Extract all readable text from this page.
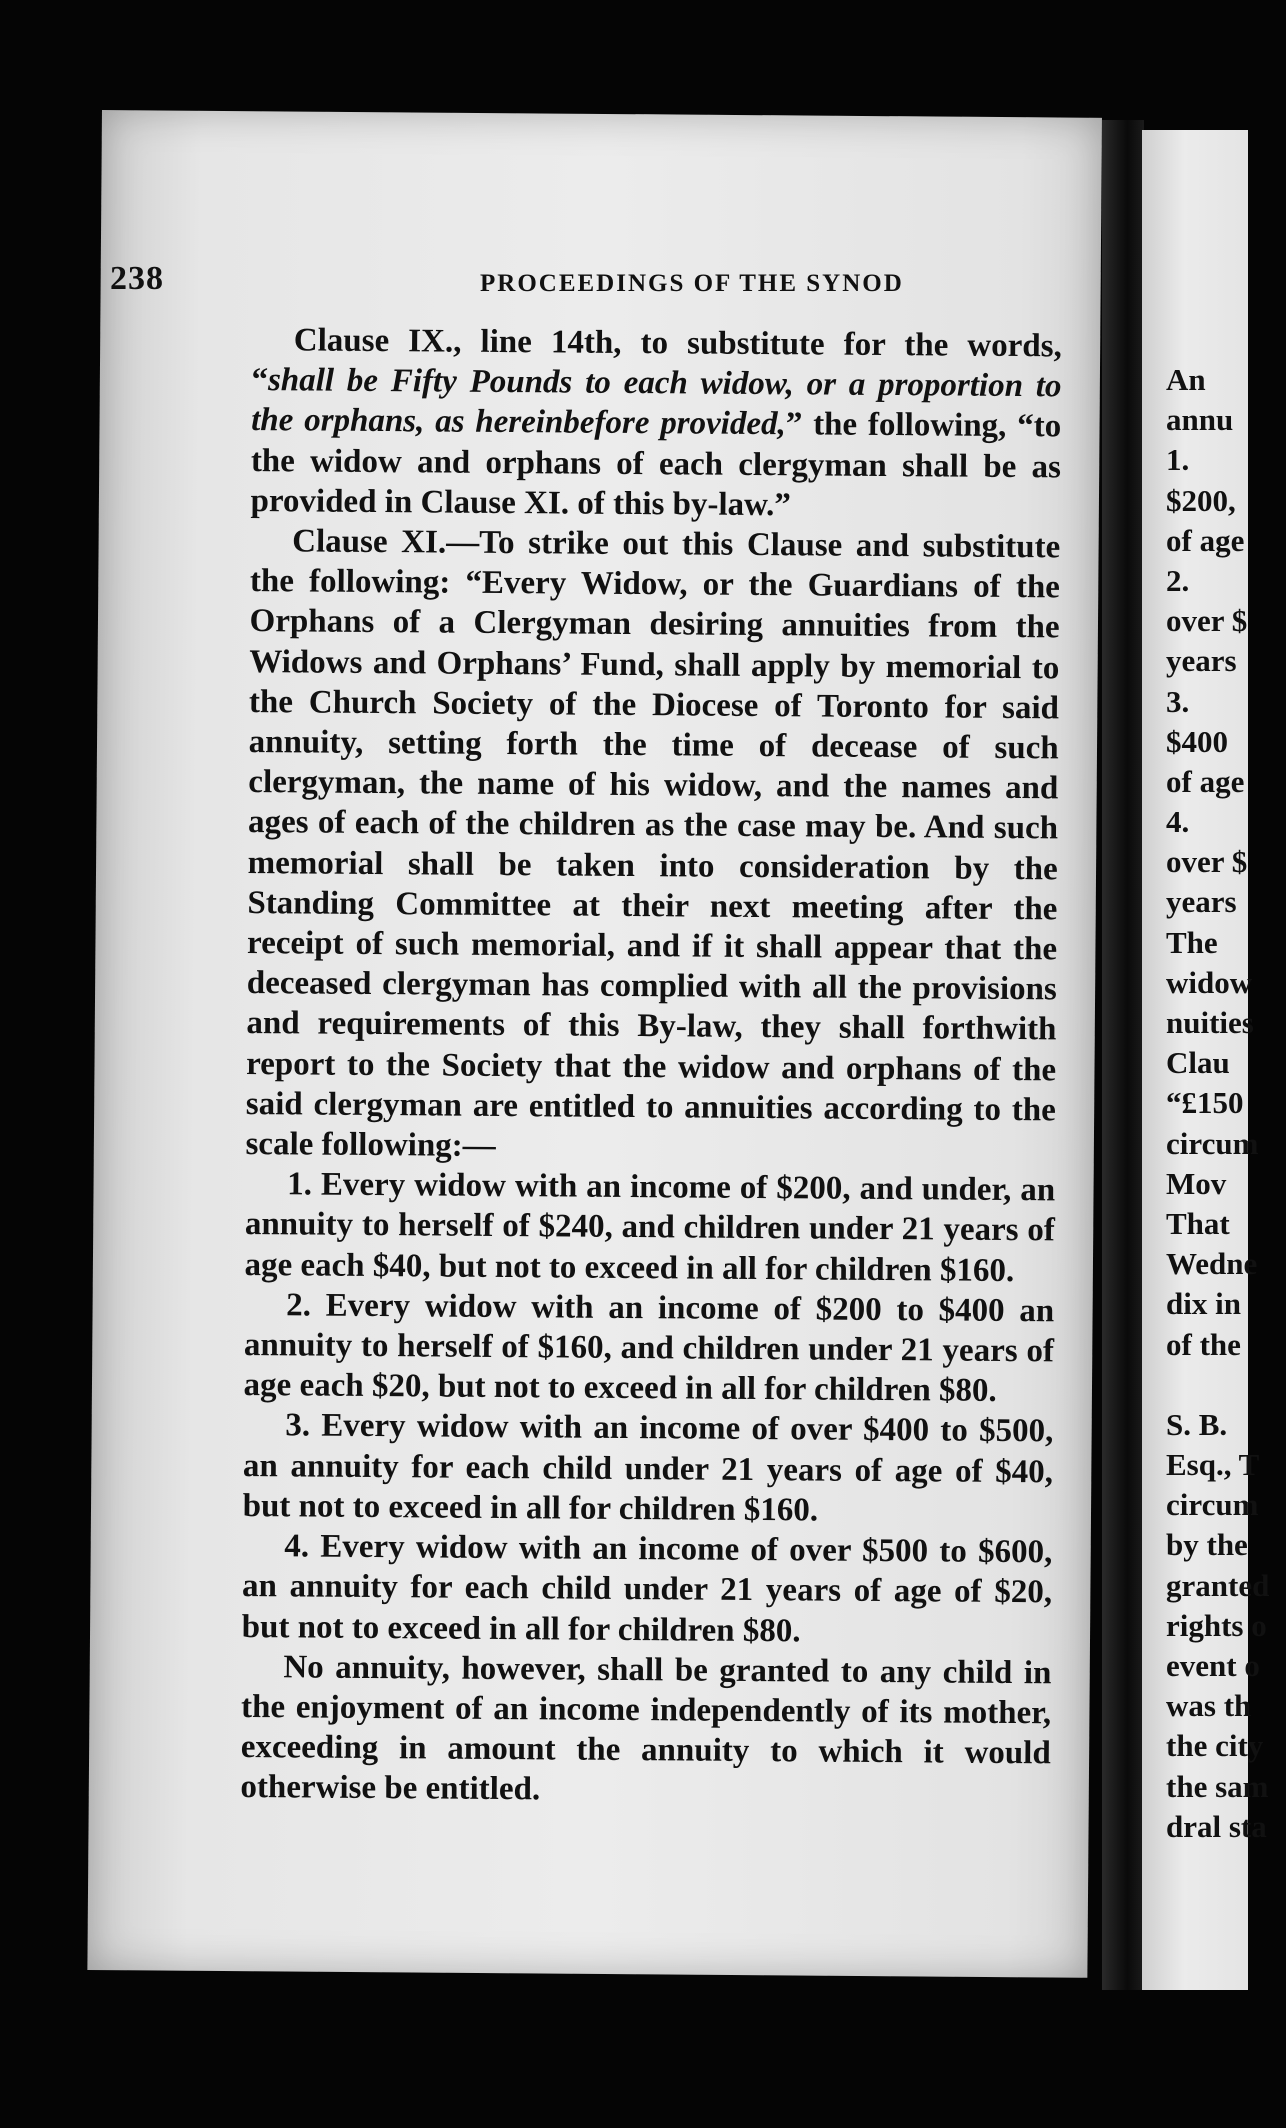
238	PROCEEDINGS OF THE SYNOD

Clause IX., line 14th, to substitute for the words, “shall be Fifty Pounds to each widow, or a proportion to the orphans, as hereinbefore provided,” the following, “to the widow and orphans of each clergyman shall be as provided in Clause XI. of this by-law.”

Clause XI.—To strike out this Clause and substitute the following: “Every Widow, or the Guardians of the Orphans of a Clergyman desiring annuities from the Widows and Orphans’ Fund, shall apply by memorial to the Church Society of the Diocese of Toronto for said annuity, setting forth the time of decease of such clergyman, the name of his widow, and the names and ages of each of the children as the case may be. And such memorial shall be taken into consideration by the Standing Committee at their next meeting after the receipt of such memorial, and if it shall appear that the deceased clergyman has complied with all the provisions and requirements of this By-law, they shall forthwith report to the Society that the widow and orphans of the said clergyman are entitled to annuities according to the scale following:—

1. Every widow with an income of $200, and under, an annuity to herself of $240, and children under 21 years of age each $40, but not to exceed in all for children $160.

2. Every widow with an income of $200 to $400 an annuity to herself of $160, and children under 21 years of age each $20, but not to exceed in all for children $80.

3. Every widow with an income of over $400 to $500, an annuity for each child under 21 years of age of $40, but not to exceed in all for children $160.

4. Every widow with an income of over $500 to $600, an annuity for each child under 21 years of age of $20, but not to exceed in all for children $80.

No annuity, however, shall be granted to any child in the enjoyment of an income independently of its mother, exceeding in amount the annuity to which it would otherwise be entitled.

An
annu
1.
$200,
of age
2.
over $
years
3.
$400
of age
4.
over $
years
The
widow
nuities
Clau
“£150
circum
Mov
That
Wedne
dix in
of the
S. B.
Esq., T
circum
by the
granted
rights o
event o
was th
the city
the sam
dral sta
